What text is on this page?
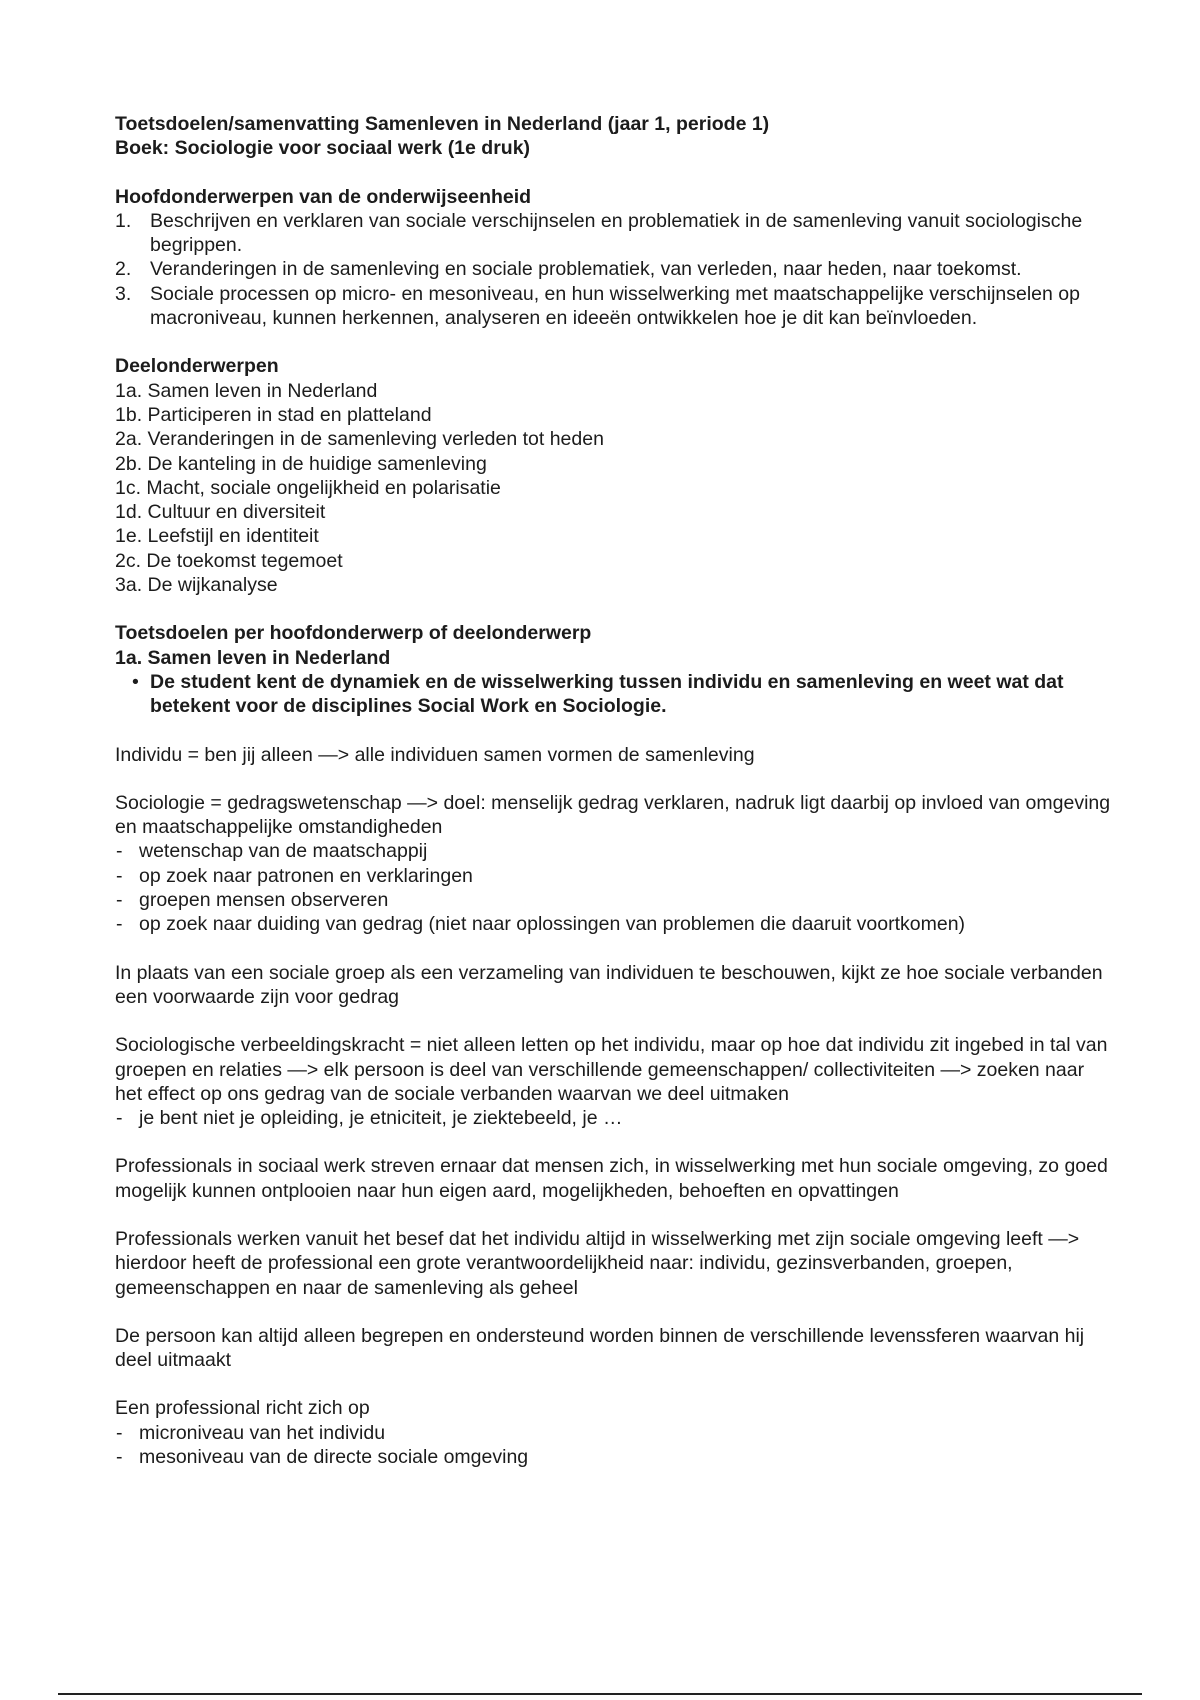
Toetsdoelen/samenvatting Samenleven in Nederland (jaar 1, periode 1)

Boek: Sociologie voor sociaal werk (1e druk)

Hoofdonderwerpen van de onderwijseenheid

1. Beschrijven en verklaren van sociale verschijnselen en problematiek in de samenleving vanuit sociologische begrippen.
2. Veranderingen in de samenleving en sociale problematiek, van verleden, naar heden, naar toekomst.
3. Sociale processen op micro- en mesoniveau, en hun wisselwerking met maatschappelijke verschijnselen op macroniveau, kunnen herkennen, analyseren en ideeën ontwikkelen hoe je dit kan beïnvloeden.

Deelonderwerpen

1a. Samen leven in Nederland

1b. Participeren in stad en platteland

2a. Veranderingen in de samenleving verleden tot heden

2b. De kanteling in de huidige samenleving

1c. Macht, sociale ongelijkheid en polarisatie

1d. Cultuur en diversiteit

1e. Leefstijl en identiteit

2c. De toekomst tegemoet

3a. De wijkanalyse

Toetsdoelen per hoofdonderwerp of deelonderwerp

1a. Samen leven in Nederland

• De student kent de dynamiek en de wisselwerking tussen individu en samenleving en weet wat dat betekent voor de disciplines Social Work en Sociologie.

Individu = ben jij alleen —> alle individuen samen vormen de samenleving

Sociologie = gedragswetenschap —> doel: menselijk gedrag verklaren, nadruk ligt daarbij op invloed van omgeving en maatschappelijke omstandigheden

- wetenschap van de maatschappij
- op zoek naar patronen en verklaringen
- groepen mensen observeren
- op zoek naar duiding van gedrag (niet naar oplossingen van problemen die daaruit voortkomen)

In plaats van een sociale groep als een verzameling van individuen te beschouwen, kijkt ze hoe sociale verbanden een voorwaarde zijn voor gedrag

Sociologische verbeeldingskracht = niet alleen letten op het individu, maar op hoe dat individu zit ingebed in tal van groepen en relaties —> elk persoon is deel van verschillende gemeenschappen/ collectiviteiten —> zoeken naar het effect op ons gedrag van de sociale verbanden waarvan we deel uitmaken

- je bent niet je opleiding, je etniciteit, je ziektebeeld, je …

Professionals in sociaal werk streven ernaar dat mensen zich, in wisselwerking met hun sociale omgeving, zo goed mogelijk kunnen ontplooien naar hun eigen aard, mogelijkheden, behoeften en opvattingen

Professionals werken vanuit het besef dat het individu altijd in wisselwerking met zijn sociale omgeving leeft —> hierdoor heeft de professional een grote verantwoordelijkheid naar: individu, gezinsverbanden, groepen, gemeenschappen en naar de samenleving als geheel

De persoon kan altijd alleen begrepen en ondersteund worden binnen de verschillende levenssferen waarvan hij deel uitmaakt

Een professional richt zich op

- microniveau van het individu
- mesoniveau van de directe sociale omgeving
